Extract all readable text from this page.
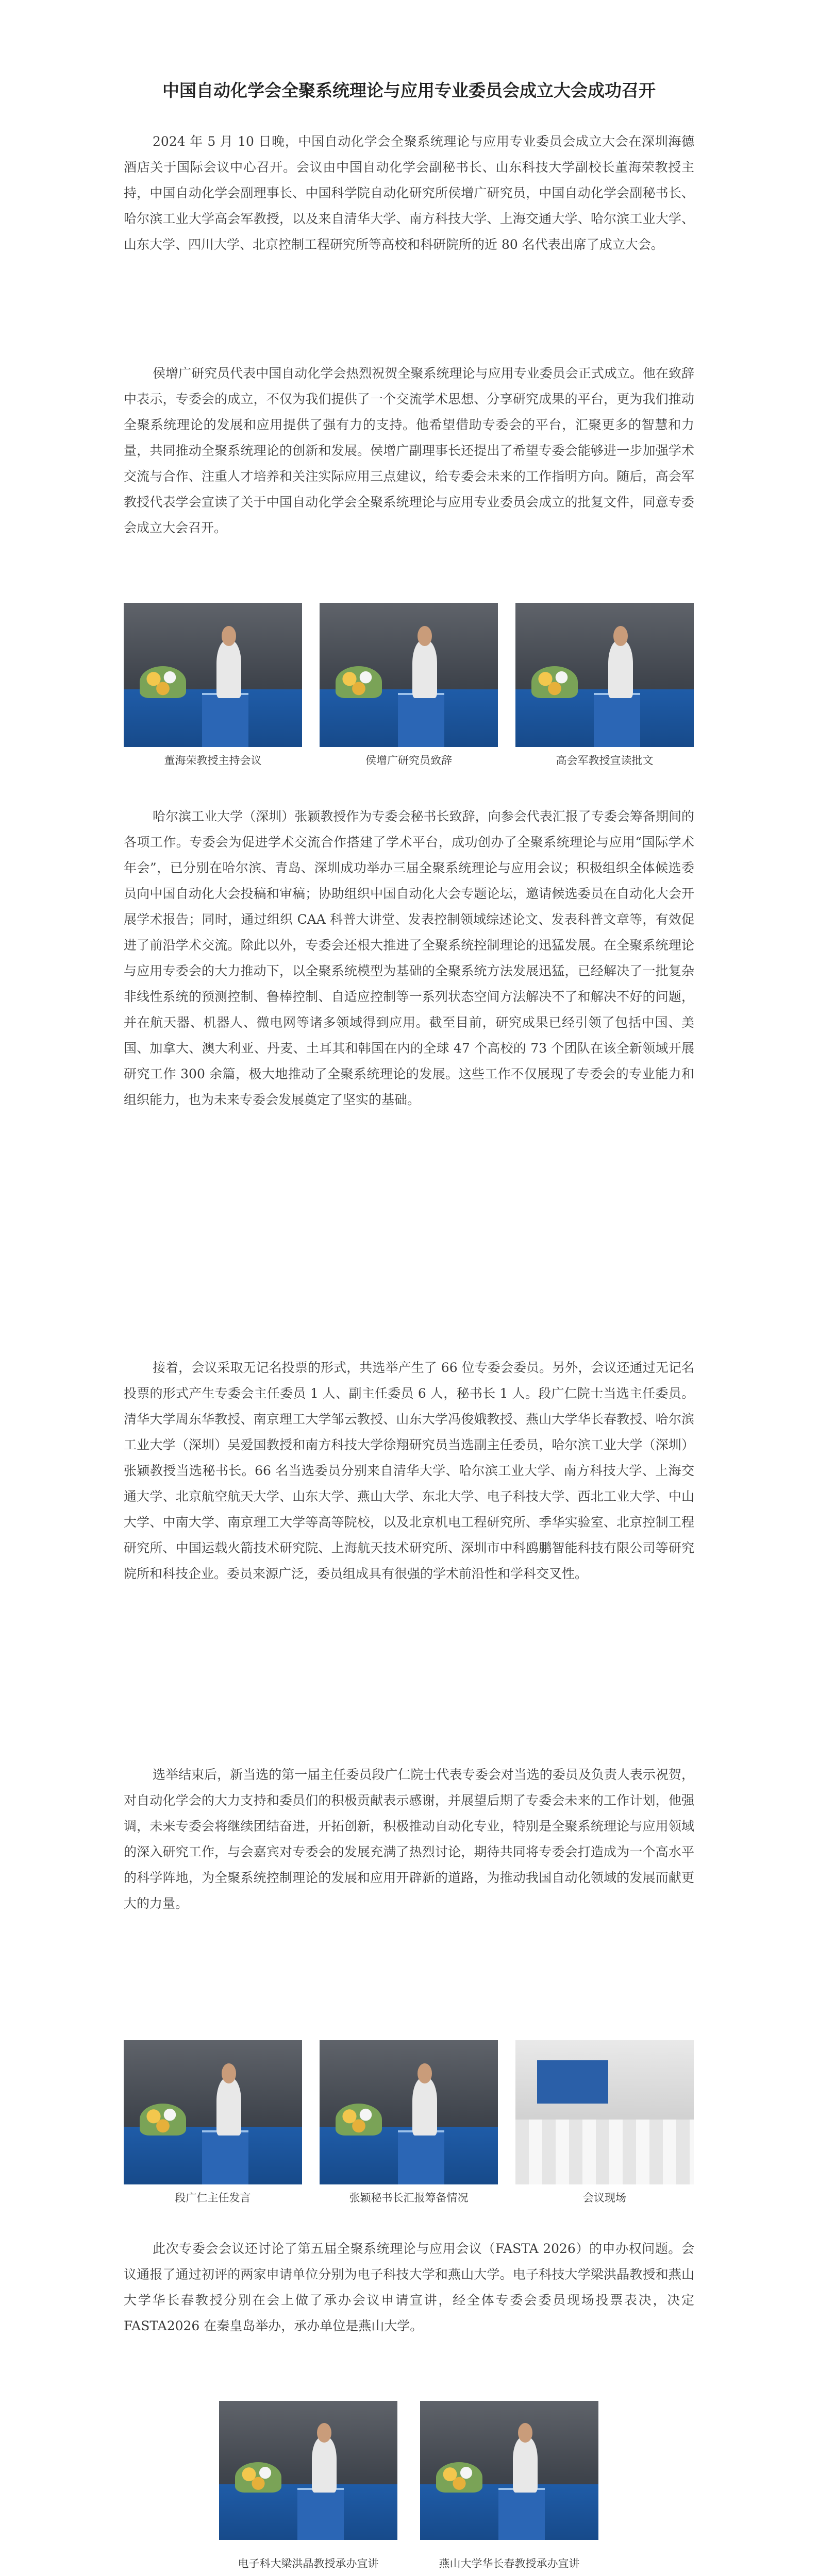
中国自动化学会全聚系统理论与应用专业委员会成立大会成功召开

2024 年 5 月 10 日晚，中国自动化学会全聚系统理论与应用专业委员会成立大会在深圳海德酒店关于国际会议中心召开。会议由中国自动化学会副秘书长、山东科技大学副校长董海荣教授主持，中国自动化学会副理事长、中国科学院自动化研究所侯增广研究员，中国自动化学会副秘书长、哈尔滨工业大学高会军教授，以及来自清华大学、南方科技大学、上海交通大学、哈尔滨工业大学、山东大学、四川大学、北京控制工程研究所等高校和科研院所的近 80 名代表出席了成立大会。

侯增广研究员代表中国自动化学会热烈祝贺全聚系统理论与应用专业委员会正式成立。他在致辞中表示，专委会的成立，不仅为我们提供了一个交流学术思想、分享研究成果的平台，更为我们推动全聚系统理论的发展和应用提供了强有力的支持。他希望借助专委会的平台，汇聚更多的智慧和力量，共同推动全聚系统理论的创新和发展。侯增广副理事长还提出了希望专委会能够进一步加强学术交流与合作、注重人才培养和关注实际应用三点建议，给专委会未来的工作指明方向。随后，高会军教授代表学会宣读了关于中国自动化学会全聚系统理论与应用专业委员会成立的批复文件，同意专委会成立大会召开。

董海荣教授主持会议	侯增广研究员致辞	高会军教授宣读批文

哈尔滨工业大学（深圳）张颖教授作为专委会秘书长致辞，向参会代表汇报了专委会筹备期间的各项工作。专委会为促进学术交流合作搭建了学术平台，成功创办了全聚系统理论与应用“国际学术年会”，已分别在哈尔滨、青岛、深圳成功举办三届全聚系统理论与应用会议；积极组织全体候选委员向中国自动化大会投稿和审稿；协助组织中国自动化大会专题论坛，邀请候选委员在自动化大会开展学术报告；同时，通过组织 CAA 科普大讲堂、发表控制领域综述论文、发表科普文章等，有效促进了前沿学术交流。除此以外，专委会还根大推进了全聚系统控制理论的迅猛发展。在全聚系统理论与应用专委会的大力推动下，以全聚系统模型为基础的全聚系统方法发展迅猛，已经解决了一批复杂非线性系统的预测控制、鲁棒控制、自适应控制等一系列状态空间方法解决不了和解决不好的问题，并在航天器、机器人、微电网等诸多领域得到应用。截至目前，研究成果已经引领了包括中国、美国、加拿大、澳大利亚、丹麦、土耳其和韩国在内的全球 47 个高校的 73 个团队在该全新领域开展研究工作 300 余篇，极大地推动了全聚系统理论的发展。这些工作不仅展现了专委会的专业能力和组织能力，也为未来专委会发展奠定了坚实的基础。

接着，会议采取无记名投票的形式，共选举产生了 66 位专委会委员。另外，会议还通过无记名投票的形式产生专委会主任委员 1 人、副主任委员 6 人，秘书长 1 人。段广仁院士当选主任委员。清华大学周东华教授、南京理工大学邹云教授、山东大学冯俊娥教授、燕山大学华长春教授、哈尔滨工业大学（深圳）吴爱国教授和南方科技大学徐翔研究员当选副主任委员，哈尔滨工业大学（深圳）张颖教授当选秘书长。66 名当选委员分别来自清华大学、哈尔滨工业大学、南方科技大学、上海交通大学、北京航空航天大学、山东大学、燕山大学、东北大学、电子科技大学、西北工业大学、中山大学、中南大学、南京理工大学等高等院校，以及北京机电工程研究所、季华实验室、北京控制工程研究所、中国运载火箭技术研究院、上海航天技术研究所、深圳市中科鸥鹏智能科技有限公司等研究院所和科技企业。委员来源广泛，委员组成具有很强的学术前沿性和学科交叉性。

选举结束后，新当选的第一届主任委员段广仁院士代表专委会对当选的委员及负责人表示祝贺，对自动化学会的大力支持和委员们的积极贡献表示感谢，并展望后期了专委会未来的工作计划，他强调，未来专委会将继续团结奋进，开拓创新，积极推动自动化专业，特别是全聚系统理论与应用领域的深入研究工作，与会嘉宾对专委会的发展充满了热烈讨论，期待共同将专委会打造成为一个高水平的科学阵地，为全聚系统控制理论的发展和应用开辟新的道路，为推动我国自动化领域的发展而献更大的力量。

段广仁主任发言	张颖秘书长汇报筹备情况	会议现场

此次专委会会议还讨论了第五届全聚系统理论与应用会议（FASTA 2026）的申办权问题。会议通报了通过初评的两家申请单位分别为电子科技大学和燕山大学。电子科技大学梁洪晶教授和燕山大学华长春教授分别在会上做了承办会议申请宣讲，经全体专委会委员现场投票表决，决定 FASTA2026 在秦皇岛举办，承办单位是燕山大学。

电子科大梁洪晶教授承办宣讲	燕山大学华长春教授承办宣讲
